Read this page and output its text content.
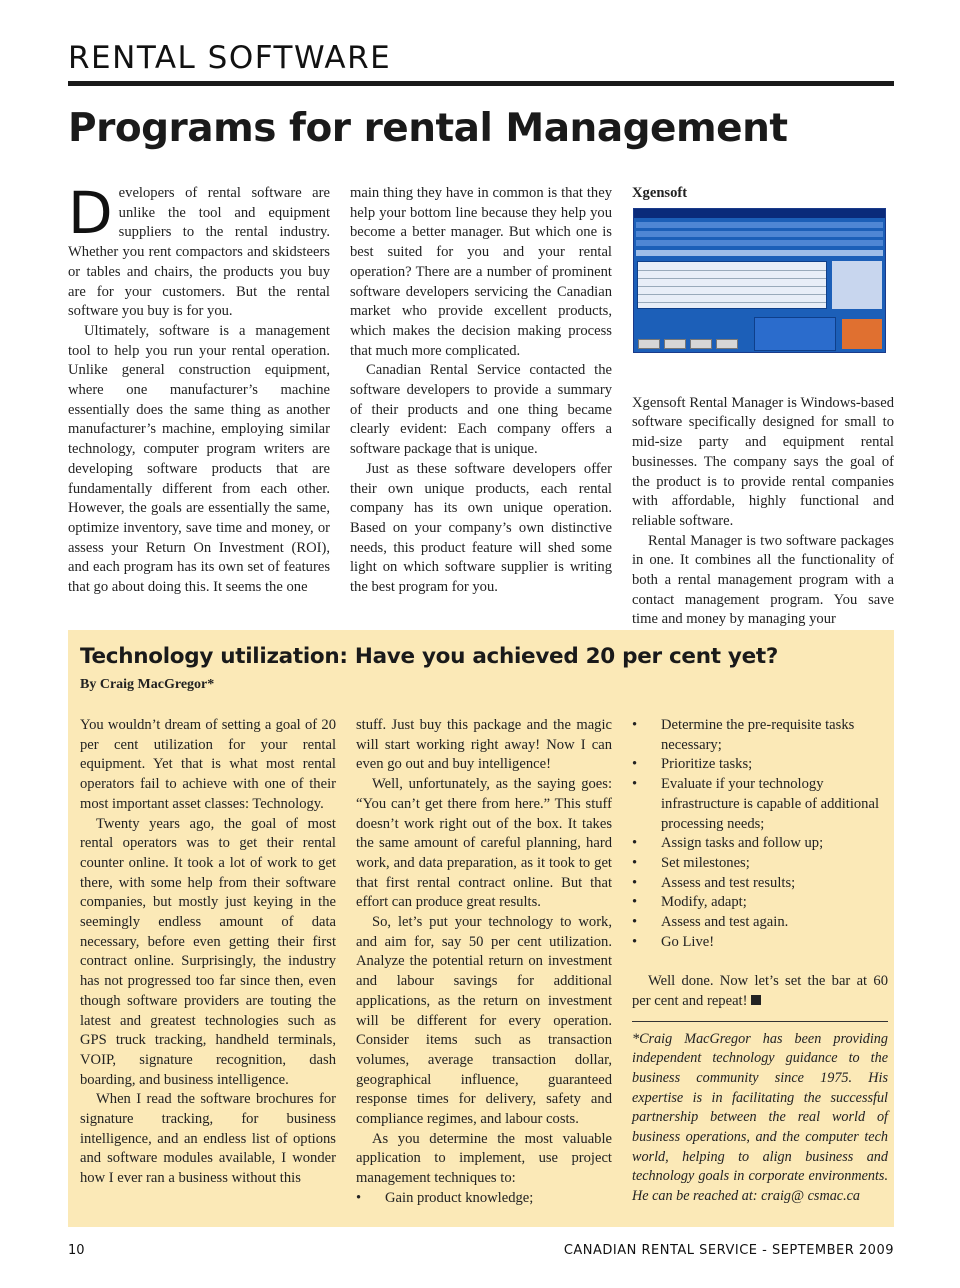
RENTAL SOFTWARE
Programs for rental Management
D evelopers of rental software are unlike the tool and equipment suppliers to the rental industry. Whether you rent compactors and skidsteers or tables and chairs, the products you buy are for your customers. But the rental software you buy is for you.

Ultimately, software is a management tool to help you run your rental operation. Unlike general construction equipment, where one manufacturer’s machine essentially does the same thing as another manufacturer’s machine, employing similar technology, computer program writers are developing software products that are fundamentally different from each other. However, the goals are essentially the same, optimize inventory, save time and money, or assess your Return On Investment (ROI), and each program has its own set of features that go about doing this. It seems the one

main thing they have in common is that they help your bottom line because they help you become a better manager. But which one is best suited for you and your rental operation? There are a number of prominent software developers servicing the Canadian market who provide excellent products, which makes the decision making process that much more complicated.

Canadian Rental Service contacted the software developers to provide a summary of their products and one thing became clearly evident: Each company offers a software package that is unique.

Just as these software developers offer their own unique products, each rental company has its own unique operation. Based on your company’s own distinctive needs, this product feature will shed some light on which software supplier is writing the best program for you.

Xgensoft

Xgensoft Rental Manager is Windows-based software specifically designed for small to mid-size party and equipment rental businesses. The company says the goal of the product is to provide rental companies with affordable, highly functional and reliable software.

Rental Manager is two software packages in one. It combines all the functionality of both a rental management program with a contact management program. You save time and money by managing your

Technology utilization: Have you achieved 20 per cent yet?
By Craig MacGregor*

You wouldn’t dream of setting a goal of 20 per cent utilization for your rental equipment. Yet that is what most rental operators fail to achieve with one of their most important asset classes: Technology.

Twenty years ago, the goal of most rental operators was to get their rental counter online. It took a lot of work to get there, with some help from their software companies, but mostly just keying in the seemingly endless amount of data necessary, before even getting their first contract online. Surprisingly, the industry has not progressed too far since then, even though software providers are touting the latest and greatest technologies such as GPS truck tracking, handheld terminals, VOIP, signature recognition, dash boarding, and business intelligence.

When I read the software brochures for signature tracking, for business intelligence, and an endless list of options and software modules available, I wonder how I ever ran a business without this

stuff. Just buy this package and the magic will start working right away! Now I can even go out and buy intelligence!

Well, unfortunately, as the saying goes: “You can’t get there from here.” This stuff doesn’t work right out of the box. It takes the same amount of careful planning, hard work, and data preparation, as it took to get that first rental contract online. But that effort can produce great results.

So, let’s put your technology to work, and aim for, say 50 per cent utilization. Analyze the potential return on investment and labour savings for additional applications, as the return on investment will be different for every operation. Consider items such as transaction volumes, average transaction dollar, geographical influence, guaranteed response times for delivery, safety and compliance regimes, and labour costs.

As you determine the most valuable application to implement, use project management techniques to:

• Gain product knowledge;
• Determine the pre-requisite tasks necessary;
• Prioritize tasks;
• Evaluate if your technology infrastructure is capable of additional processing needs;
• Assign tasks and follow up;
• Set milestones;
• Assess and test results;
• Modify, adapt;
• Assess and test again.
• Go Live!

Well done. Now let’s set the bar at 60 per cent and repeat!

*Craig MacGregor has been providing independent technology guidance to the business community since 1975. His expertise is in facilitating the successful partnership between the real world of business operations, and the computer tech world, helping to align business and technology goals in corporate environments. He can be reached at: craig@ csmac.ca

10	CANADIAN RENTAL SERVICE - SEPTEMBER 2009
